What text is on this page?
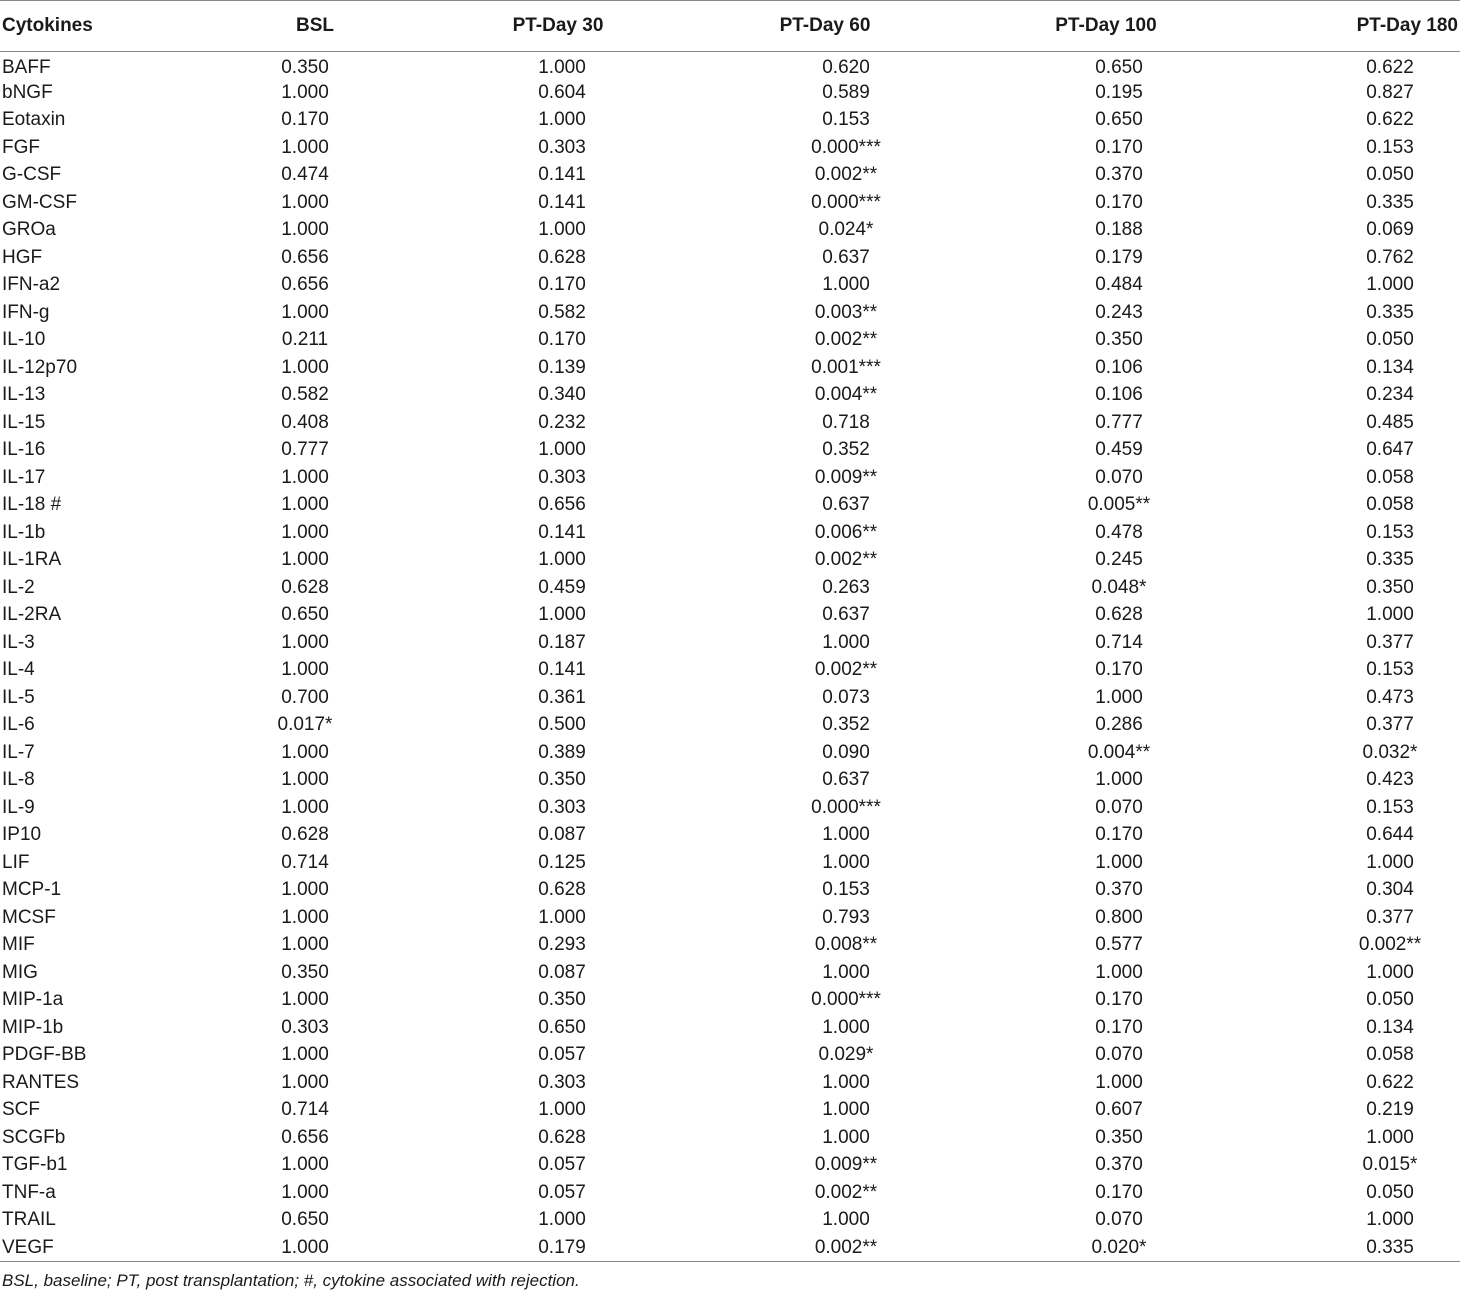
Cytokines	BSL	PT-Day 30	PT-Day 60	PT-Day 100	PT-Day 180
BAFF	0.350	1.000	0.620	0.650	0.622
bNGF	1.000	0.604	0.589	0.195	0.827
Eotaxin	0.170	1.000	0.153	0.650	0.622
FGF	1.000	0.303	0.000***	0.170	0.153
G-CSF	0.474	0.141	0.002**	0.370	0.050
GM-CSF	1.000	0.141	0.000***	0.170	0.335
GROa	1.000	1.000	0.024*	0.188	0.069
HGF	0.656	0.628	0.637	0.179	0.762
IFN-a2	0.656	0.170	1.000	0.484	1.000
IFN-g	1.000	0.582	0.003**	0.243	0.335
IL-10	0.211	0.170	0.002**	0.350	0.050
IL-12p70	1.000	0.139	0.001***	0.106	0.134
IL-13	0.582	0.340	0.004**	0.106	0.234
IL-15	0.408	0.232	0.718	0.777	0.485
IL-16	0.777	1.000	0.352	0.459	0.647
IL-17	1.000	0.303	0.009**	0.070	0.058
IL-18 #	1.000	0.656	0.637	0.005**	0.058
IL-1b	1.000	0.141	0.006**	0.478	0.153
IL-1RA	1.000	1.000	0.002**	0.245	0.335
IL-2	0.628	0.459	0.263	0.048*	0.350
IL-2RA	0.650	1.000	0.637	0.628	1.000
IL-3	1.000	0.187	1.000	0.714	0.377
IL-4	1.000	0.141	0.002**	0.170	0.153
IL-5	0.700	0.361	0.073	1.000	0.473
IL-6	0.017*	0.500	0.352	0.286	0.377
IL-7	1.000	0.389	0.090	0.004**	0.032*
IL-8	1.000	0.350	0.637	1.000	0.423
IL-9	1.000	0.303	0.000***	0.070	0.153
IP10	0.628	0.087	1.000	0.170	0.644
LIF	0.714	0.125	1.000	1.000	1.000
MCP-1	1.000	0.628	0.153	0.370	0.304
MCSF	1.000	1.000	0.793	0.800	0.377
MIF	1.000	0.293	0.008**	0.577	0.002**
MIG	0.350	0.087	1.000	1.000	1.000
MIP-1a	1.000	0.350	0.000***	0.170	0.050
MIP-1b	0.303	0.650	1.000	0.170	0.134
PDGF-BB	1.000	0.057	0.029*	0.070	0.058
RANTES	1.000	0.303	1.000	1.000	0.622
SCF	0.714	1.000	1.000	0.607	0.219
SCGFb	0.656	0.628	1.000	0.350	1.000
TGF-b1	1.000	0.057	0.009**	0.370	0.015*
TNF-a	1.000	0.057	0.002**	0.170	0.050
TRAIL	0.650	1.000	1.000	0.070	1.000
VEGF	1.000	0.179	0.002**	0.020*	0.335
BSL, baseline; PT, post transplantation; #, cytokine associated with rejection.					
